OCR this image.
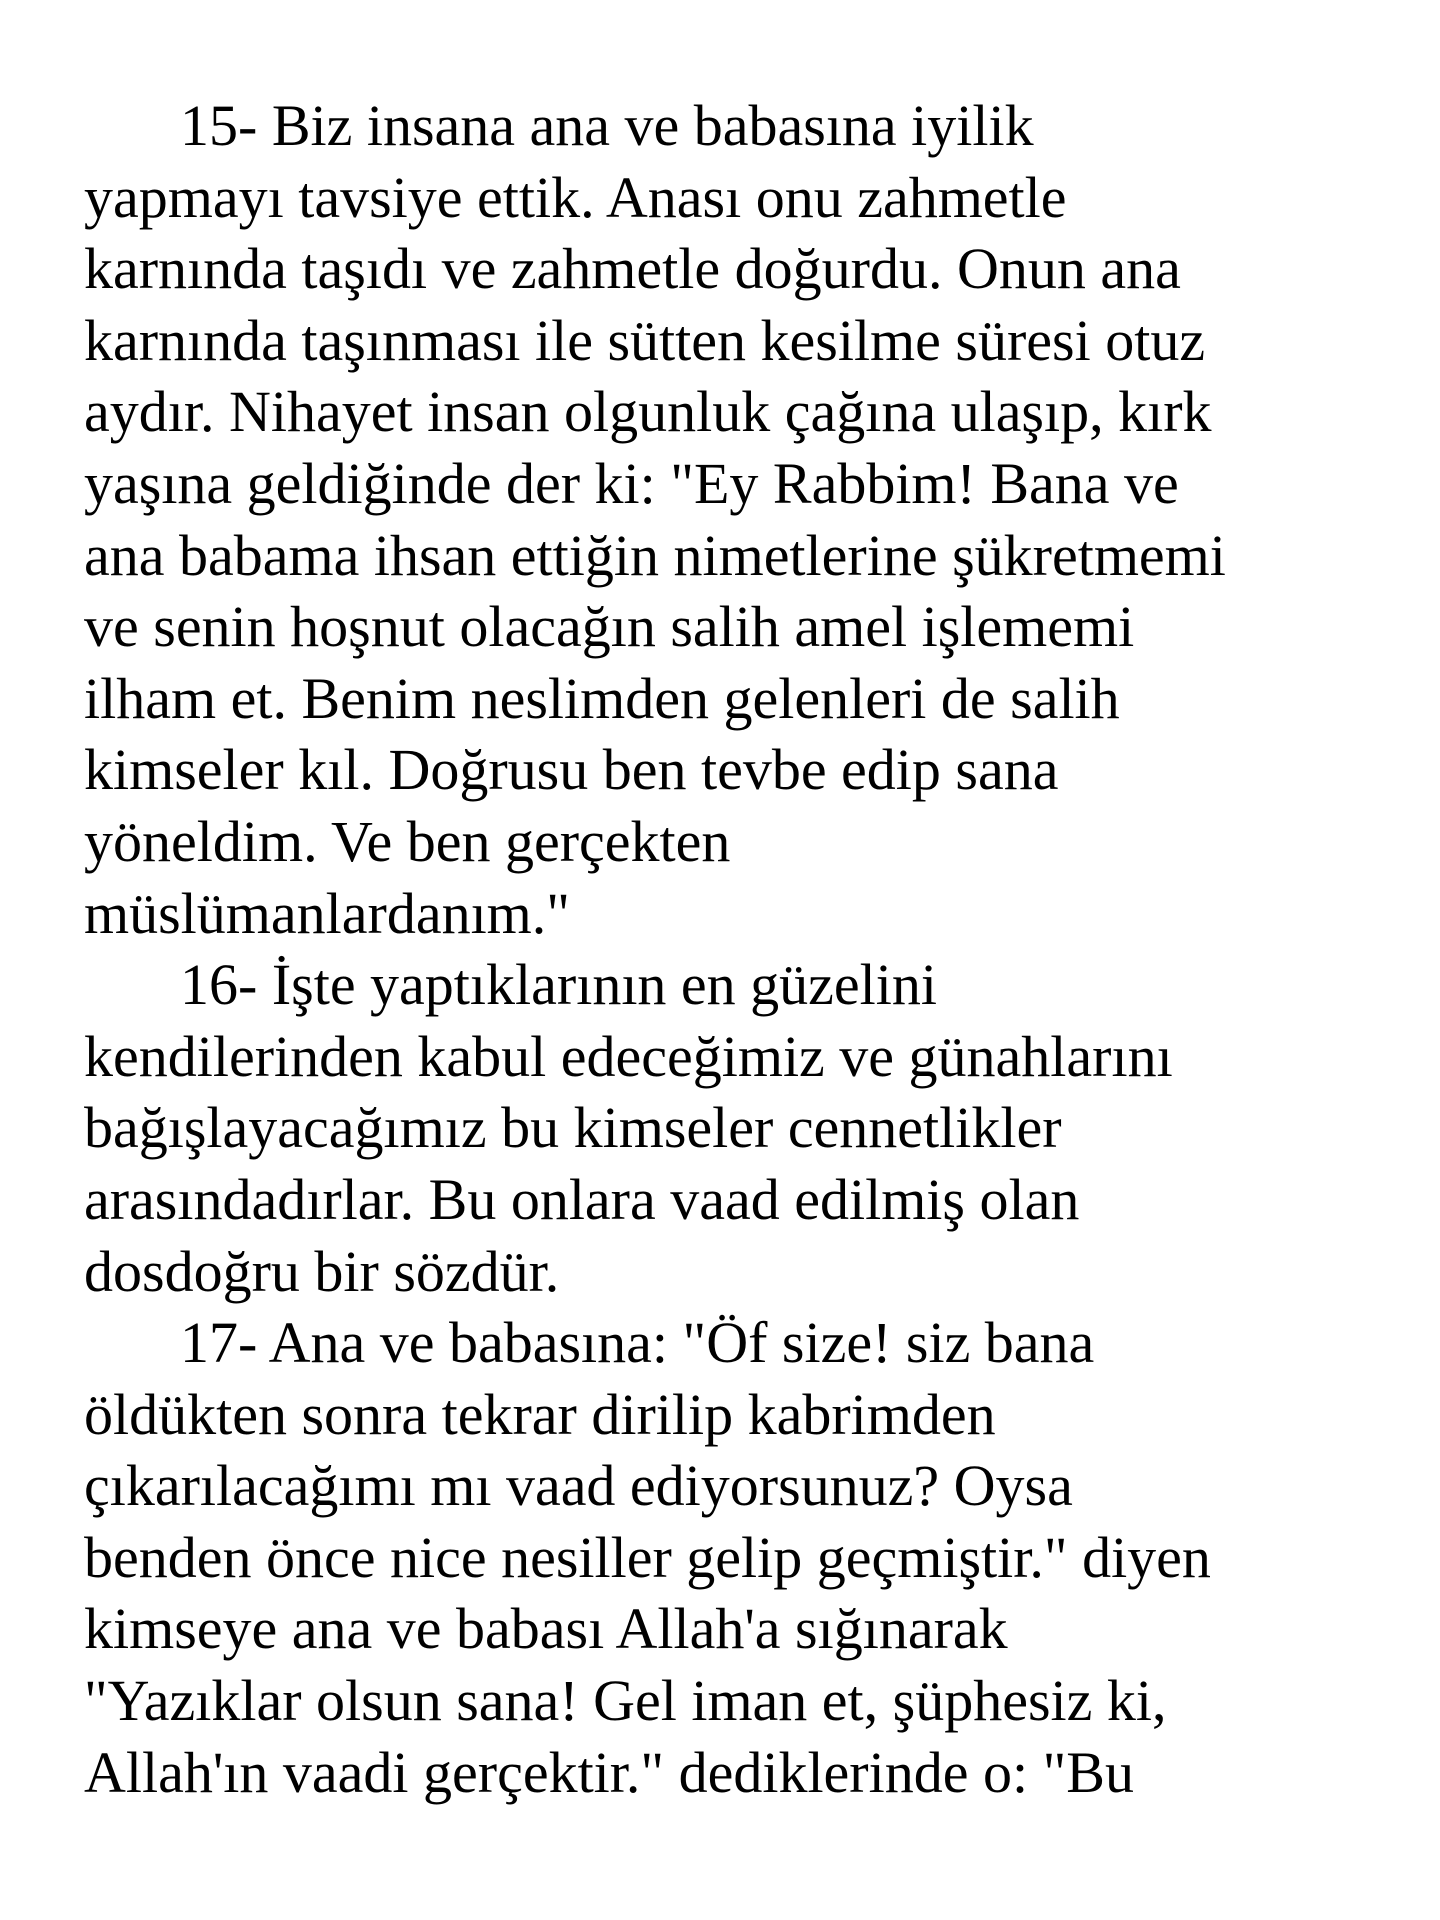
15- Biz insana ana ve babasına iyilik

yapmayı tavsiye ettik. Anası onu zahmetle

karnında taşıdı ve zahmetle doğurdu. Onun ana

karnında taşınması ile sütten kesilme süresi otuz

aydır. Nihayet insan olgunluk çağına ulaşıp, kırk

yaşına geldiğinde der ki: "Ey Rabbim! Bana ve

ana babama ihsan ettiğin nimetlerine şükretmemi

ve senin hoşnut olacağın salih amel işlememi

ilham et. Benim neslimden gelenleri de salih

kimseler kıl. Doğrusu ben tevbe edip sana

yöneldim. Ve ben gerçekten

müslümanlardanım."

16- İşte yaptıklarının en güzelini

kendilerinden kabul edeceğimiz ve günahlarını

bağışlayacağımız bu kimseler cennetlikler

arasındadırlar. Bu onlara vaad edilmiş olan

dosdoğru bir sözdür.

17- Ana ve babasına: "Öf size! siz bana

öldükten sonra tekrar dirilip kabrimden

çıkarılacağımı mı vaad ediyorsunuz? Oysa

benden önce nice nesiller gelip geçmiştir." diyen

kimseye ana ve babası Allah'a sığınarak

"Yazıklar olsun sana! Gel iman et, şüphesiz ki,

Allah'ın vaadi gerçektir." dediklerinde o: "Bu
